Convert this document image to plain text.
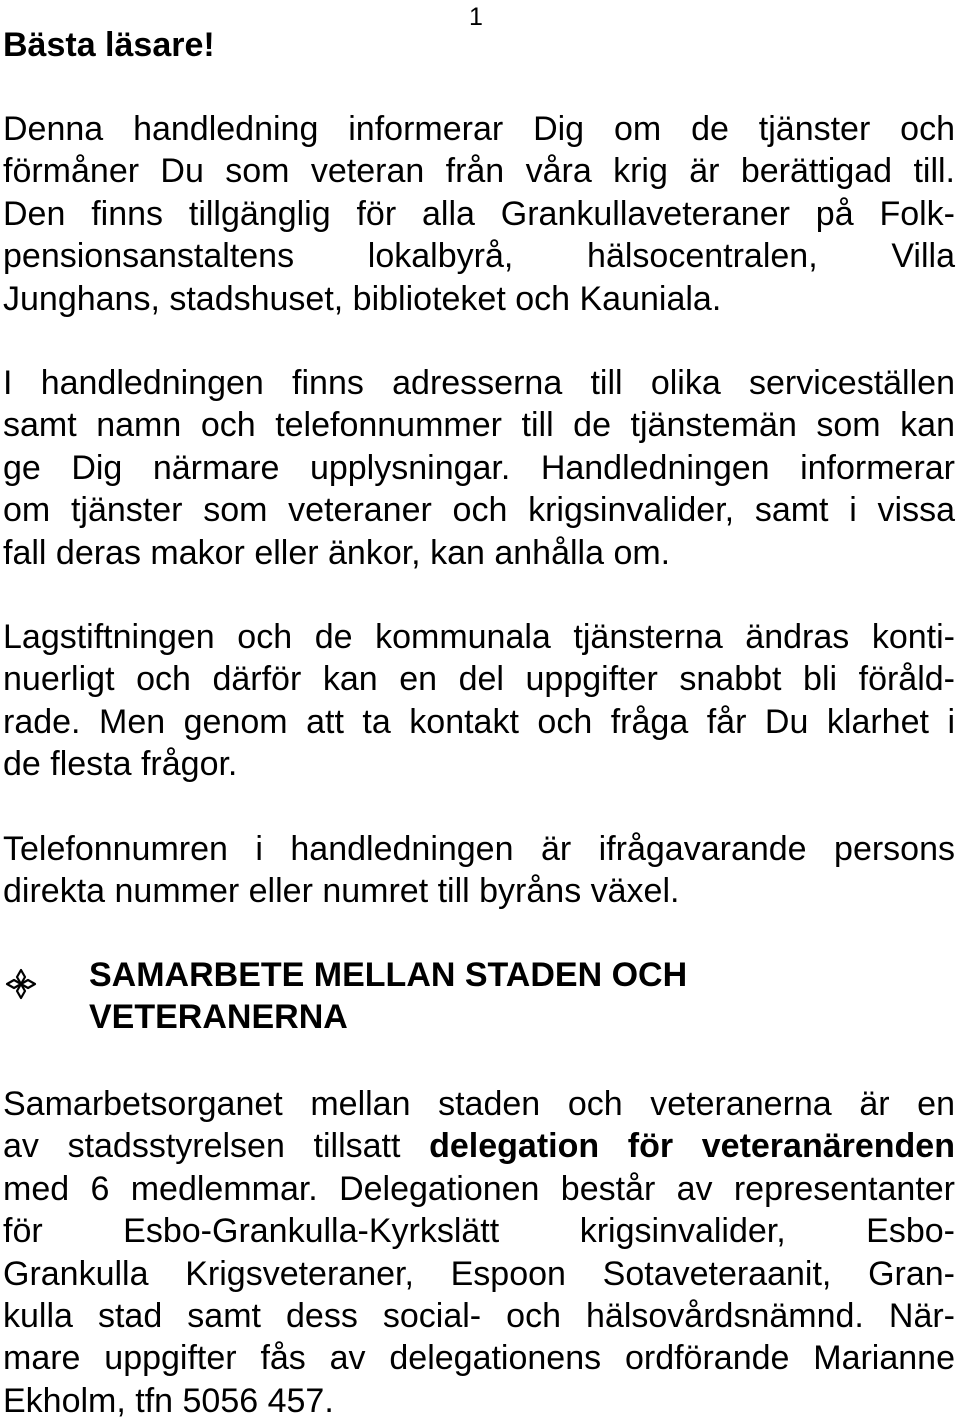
1
Bästa läsare!

Denna handledning informerar Dig om de tjänster och
förmåner Du som veteran från våra krig är berättigad till.
Den finns tillgänglig för alla Grankullaveteraner på Folk-
pensionsanstaltens lokalbyrå, hälsocentralen, Villa
Junghans, stadshuset, biblioteket och Kauniala.

I handledningen finns adresserna till olika serviceställen
samt namn och telefonnummer till de tjänstemän som kan
ge Dig närmare upplysningar. Handledningen informerar
om tjänster som veteraner och krigsinvalider, samt i vissa
fall deras makor eller änkor, kan anhålla om.

Lagstiftningen och de kommunala tjänsterna ändras konti-
nuerligt och därför kan en del uppgifter snabbt bli föråld-
rade. Men genom att ta kontakt och fråga får Du klarhet i
de flesta frågor.

Telefonnumren i handledningen är ifrågavarande persons
direkta nummer eller numret till byråns växel.

SAMARBETE MELLAN STADEN OCH
VETERANERNA

Samarbetsorganet mellan staden och veteranerna är en
av stadsstyrelsen tillsatt delegation för veteranärenden
med 6 medlemmar. Delegationen består av representanter
för Esbo-Grankulla-Kyrkslätt krigsinvalider, Esbo-
Grankulla Krigsveteraner, Espoon Sotaveteraanit, Gran-
kulla stad samt dess social- och hälsovårdsnämnd. När-
mare uppgifter fås av delegationens ordförande Marianne
Ekholm, tfn 5056 457.
